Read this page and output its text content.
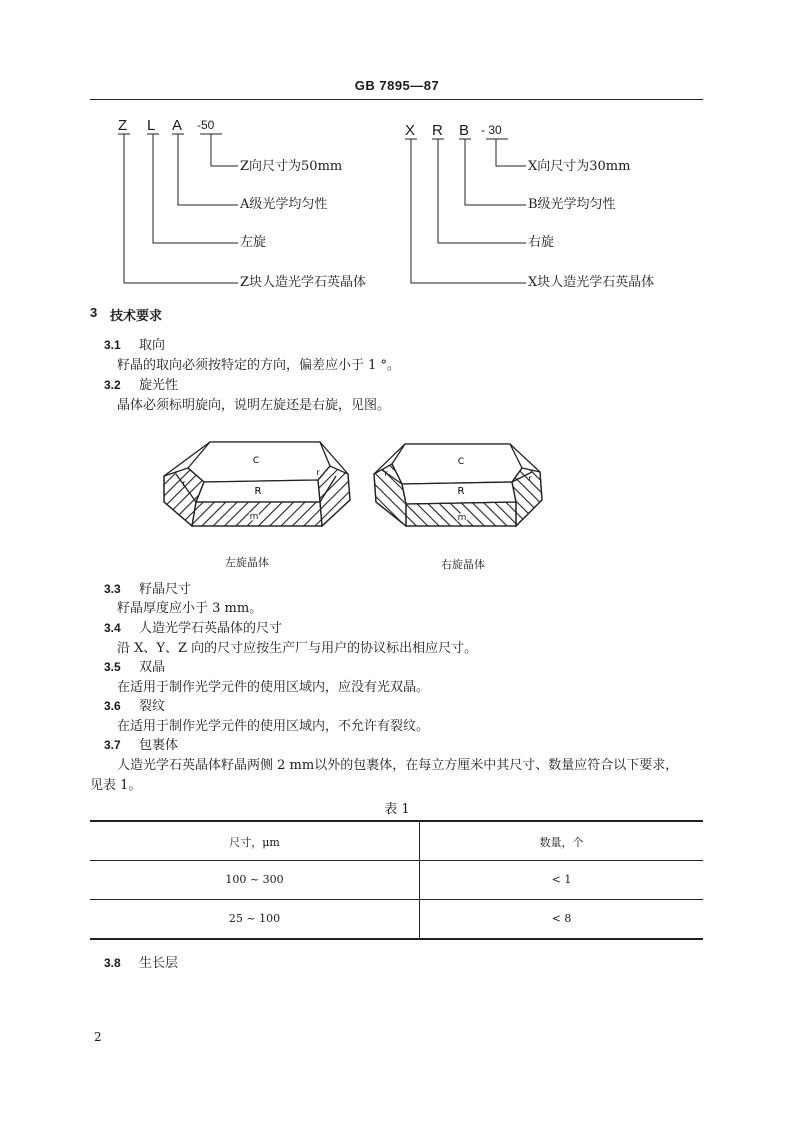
GB 7895—87
Z L A -50
Z向尺寸为50mm
A级光学均匀性
左旋
Z块人造光学石英晶体
X R B - 30
X向尺寸为30mm
B级光学均匀性
右旋
X块人造光学石英晶体
3 技术要求
3.1 取向
籽晶的取向必须按特定的方向，偏差应小于 1 °。
3.2 旋光性
晶体必须标明旋向，说明左旋还是右旋，见图。
C
R
r
r
m
C
R
r
r
m
左旋晶体	右旋晶体
3.3 籽晶尺寸
籽晶厚度应小于 3 mm。
3.4 人造光学石英晶体的尺寸
沿 X、Y、Z 向的尺寸应按生产厂与用户的协议标出相应尺寸。
3.5 双晶
在适用于制作光学元件的使用区域内，应没有光双晶。
3.6 裂纹
在适用于制作光学元件的使用区域内，不允许有裂纹。
3.7 包裹体
人造光学石英晶体籽晶两侧 2 mm以外的包裹体，在每立方厘米中其尺寸、数量应符合以下要求，
见表 1。
表 1
尺寸，μm	数量，个
100 ~ 300	< 1
25 ~ 100	< 8
3.8 生长层
2
